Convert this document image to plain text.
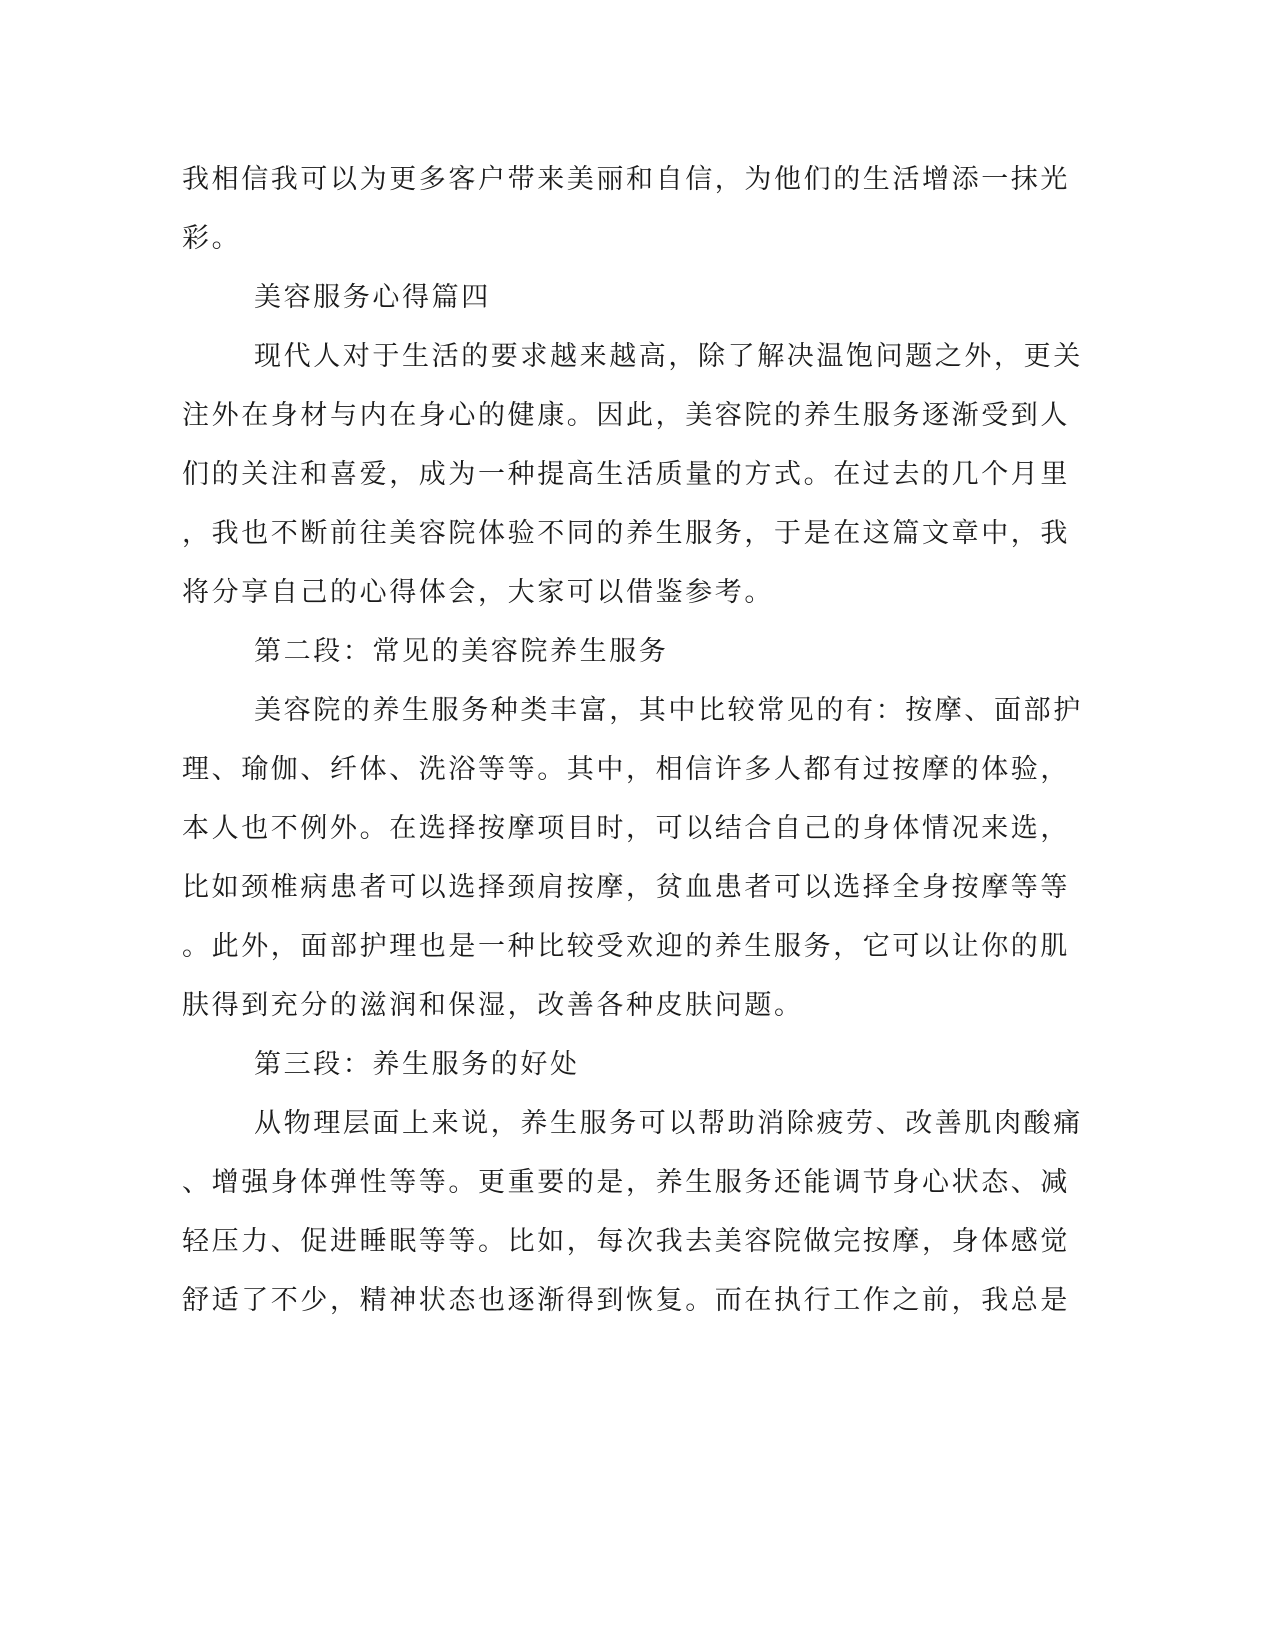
我相信我可以为更多客户带来美丽和自信，为他们的生活增添一抹光
彩。
美容服务心得篇四
现代人对于生活的要求越来越高，除了解决温饱问题之外，更关
注外在身材与内在身心的健康。因此，美容院的养生服务逐渐受到人
们的关注和喜爱，成为一种提高生活质量的方式。在过去的几个月里
，我也不断前往美容院体验不同的养生服务，于是在这篇文章中，我
将分享自己的心得体会，大家可以借鉴参考。
第二段：常见的美容院养生服务
美容院的养生服务种类丰富，其中比较常见的有：按摩、面部护
理、瑜伽、纤体、洗浴等等。其中，相信许多人都有过按摩的体验，
本人也不例外。在选择按摩项目时，可以结合自己的身体情况来选，
比如颈椎病患者可以选择颈肩按摩，贫血患者可以选择全身按摩等等
。此外，面部护理也是一种比较受欢迎的养生服务，它可以让你的肌
肤得到充分的滋润和保湿，改善各种皮肤问题。
第三段：养生服务的好处
从物理层面上来说，养生服务可以帮助消除疲劳、改善肌肉酸痛
、增强身体弹性等等。更重要的是，养生服务还能调节身心状态、减
轻压力、促进睡眠等等。比如，每次我去美容院做完按摩，身体感觉
舒适了不少，精神状态也逐渐得到恢复。而在执行工作之前，我总是
